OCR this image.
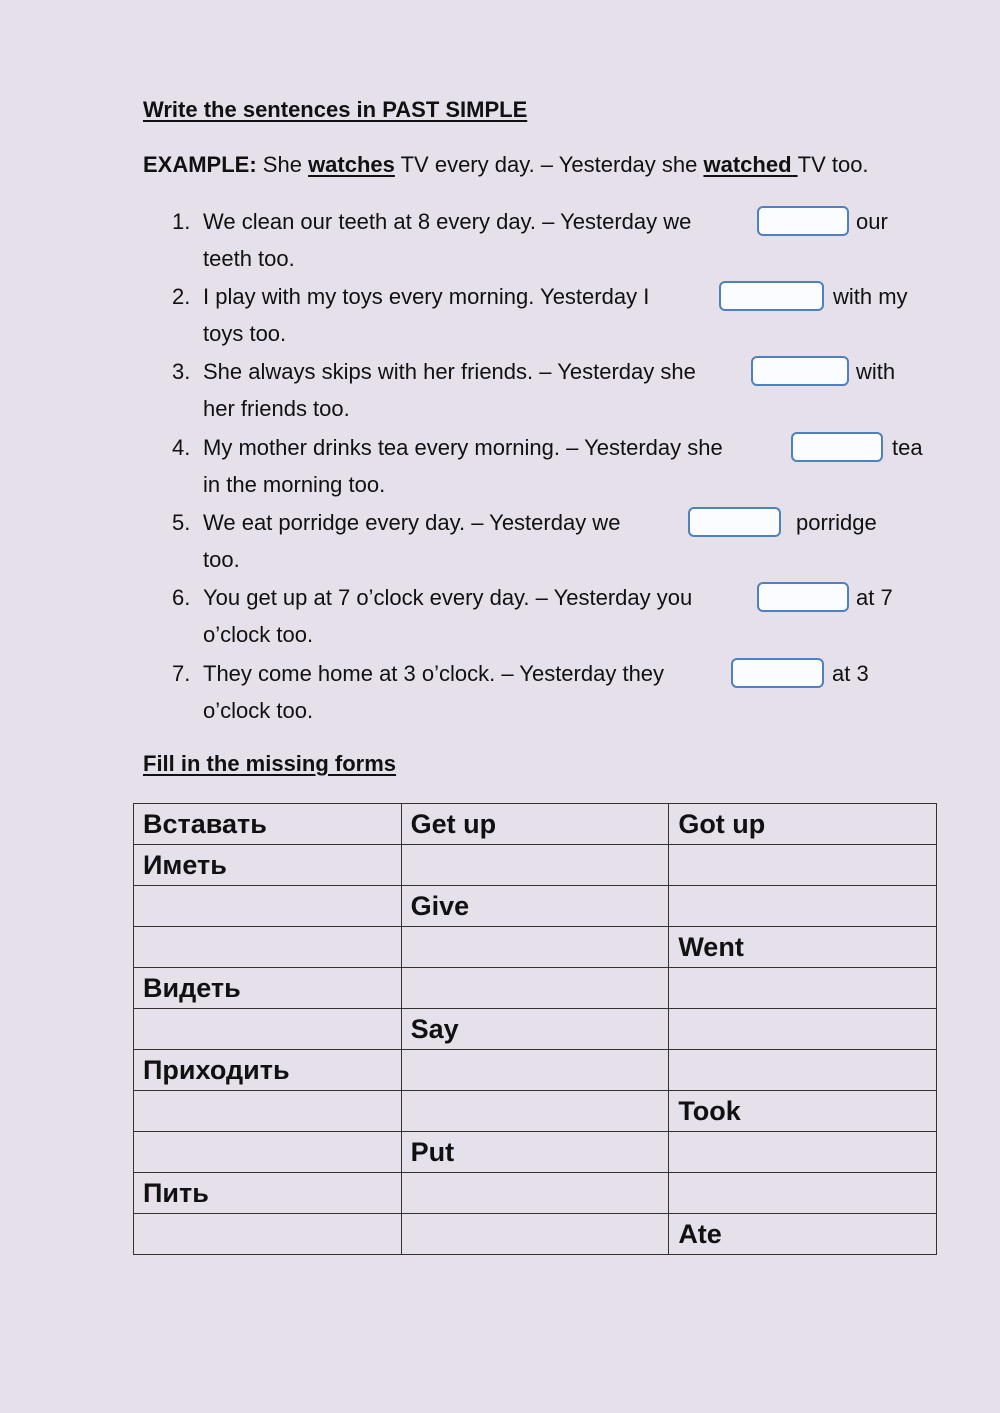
Write the sentences in PAST SIMPLE
EXAMPLE: She watches TV every day. – Yesterday she watched TV too.
1. We clean our teeth at 8 every day. – Yesterday we	our
teeth too.
2. I play with my toys every morning. Yesterday I	with my
toys too.
3. She always skips with her friends. – Yesterday she	with
her friends too.
4. My mother drinks tea every morning. – Yesterday she	tea
in the morning too.
5. We eat porridge every day. – Yesterday we	porridge
too.
6. You get up at 7 o’clock every day. – Yesterday you	at 7
o’clock too.
7. They come home at 3 o’clock. – Yesterday they	at 3
o’clock too.
Fill in the missing forms
Вставать	Get up	Got up
Иметь		
	Give	
		Went
Видеть		
	Say	
Приходить		
		Took
	Put	
Пить		
		Ate
